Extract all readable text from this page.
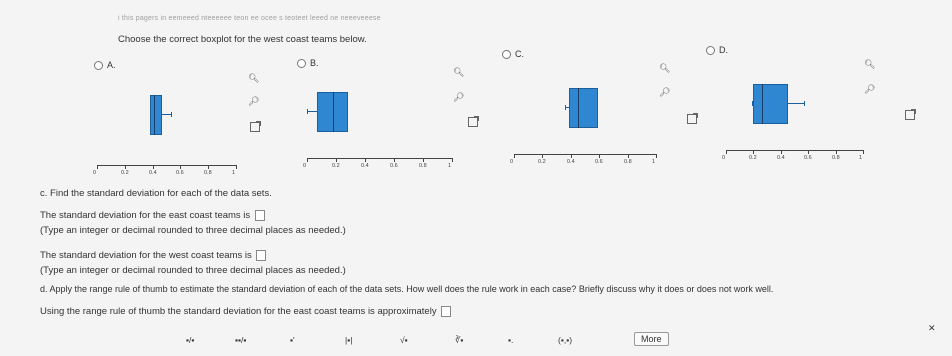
i this pagers in eemeeed nteeeeee teon ee ocee s teoteet leeed ne neeeveeese
Choose the correct boxplot for the west coast teams below.
A.	B.
C.	D.
🔍︎
🔎︎

🔍︎
🔎︎

🔍︎
🔎︎

🔍︎
🔎︎
0	0.2	0.4	0.6	0.8	1
0	0.2	0.4	0.6	0.8	1
0	0.2	0.4	0.6	0.8	1
0	0.2	0.4	0.6	0.8	1
c. Find the standard deviation for each of the data sets.
The standard deviation for the east coast teams is
(Type an integer or decimal rounded to three decimal places as needed.)
The standard deviation for the west coast teams is
(Type an integer or decimal rounded to three decimal places as needed.)
d. Apply the range rule of thumb to estimate the standard deviation of each of the data sets. How well does the rule work in each case? Briefly discuss why it does or does not work well.
Using the range rule of thumb the standard deviation for the east coast teams is approximately
✕
▪/▪	▪▪/▪	▪'	|▪|	√▪	∛▪	▪.	(▪,▪)	More
